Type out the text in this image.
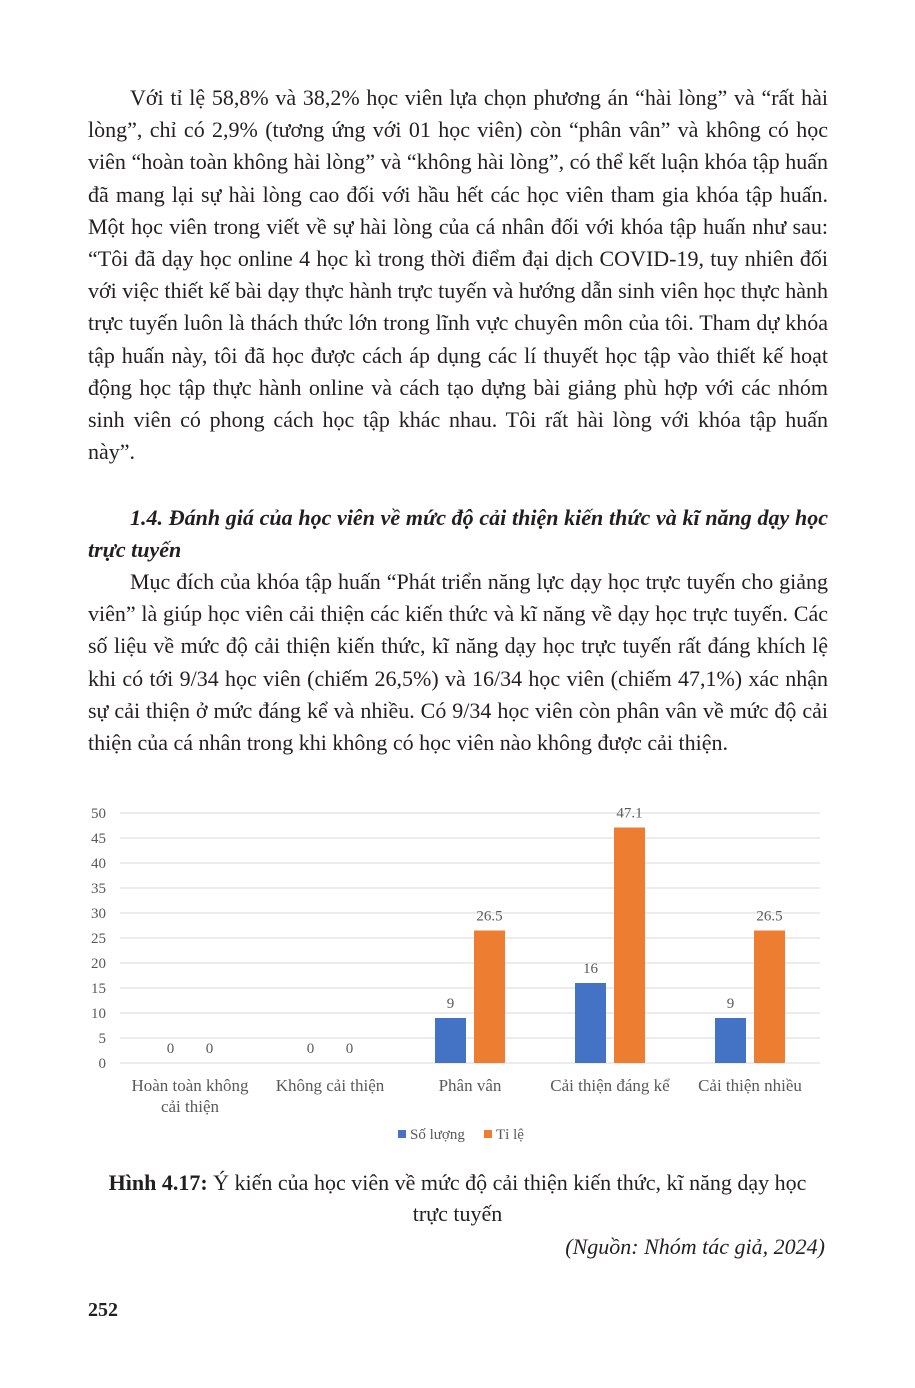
Với tỉ lệ 58,8% và 38,2% học viên lựa chọn phương án “hài lòng” và “rất hài lòng”, chỉ có 2,9% (tương ứng với 01 học viên) còn “phân vân” và không có học viên “hoàn toàn không hài lòng” và “không hài lòng”, có thể kết luận khóa tập huấn đã mang lại sự hài lòng cao đối với hầu hết các học viên tham gia khóa tập huấn. Một học viên trong viết về sự hài lòng của cá nhân đối với khóa tập huấn như sau: “Tôi đã dạy học online 4 học kì trong thời điểm đại dịch COVID-19, tuy nhiên đối với việc thiết kế bài dạy thực hành trực tuyến và hướng dẫn sinh viên học thực hành trực tuyến luôn là thách thức lớn trong lĩnh vực chuyên môn của tôi. Tham dự khóa tập huấn này, tôi đã học được cách áp dụng các lí thuyết học tập vào thiết kế hoạt động học tập thực hành online và cách tạo dựng bài giảng phù hợp với các nhóm sinh viên có phong cách học tập khác nhau. Tôi rất hài lòng với khóa tập huấn này”.
1.4. Đánh giá của học viên về mức độ cải thiện kiến thức và kĩ năng dạy học trực tuyến
Mục đích của khóa tập huấn “Phát triển năng lực dạy học trực tuyến cho giảng viên” là giúp học viên cải thiện các kiến thức và kĩ năng về dạy học trực tuyến. Các số liệu về mức độ cải thiện kiến thức, kĩ năng dạy học trực tuyến rất đáng khích lệ khi có tới 9/34 học viên (chiếm 26,5%) và 16/34 học viên (chiếm 47,1%) xác nhận sự cải thiện ở mức đáng kể và nhiều. Có 9/34 học viên còn phân vân về mức độ cải thiện của cá nhân trong khi không có học viên nào không được cải thiện.
0
5
10
15
20
25
30
35
40
45
50
0 0	0 0
9
26.5
16
47.1
9
26.5
Hoàn toàn không
cải thiện
Không cải thiện	Phân vân	Cải thiện đáng kể Cải thiện nhiều
Số lượng Tỉ lệ
Hình 4.17: Ý kiến của học viên về mức độ cải thiện kiến thức, kĩ năng dạy học trực tuyến
(Nguồn: Nhóm tác giả, 2024)
252
